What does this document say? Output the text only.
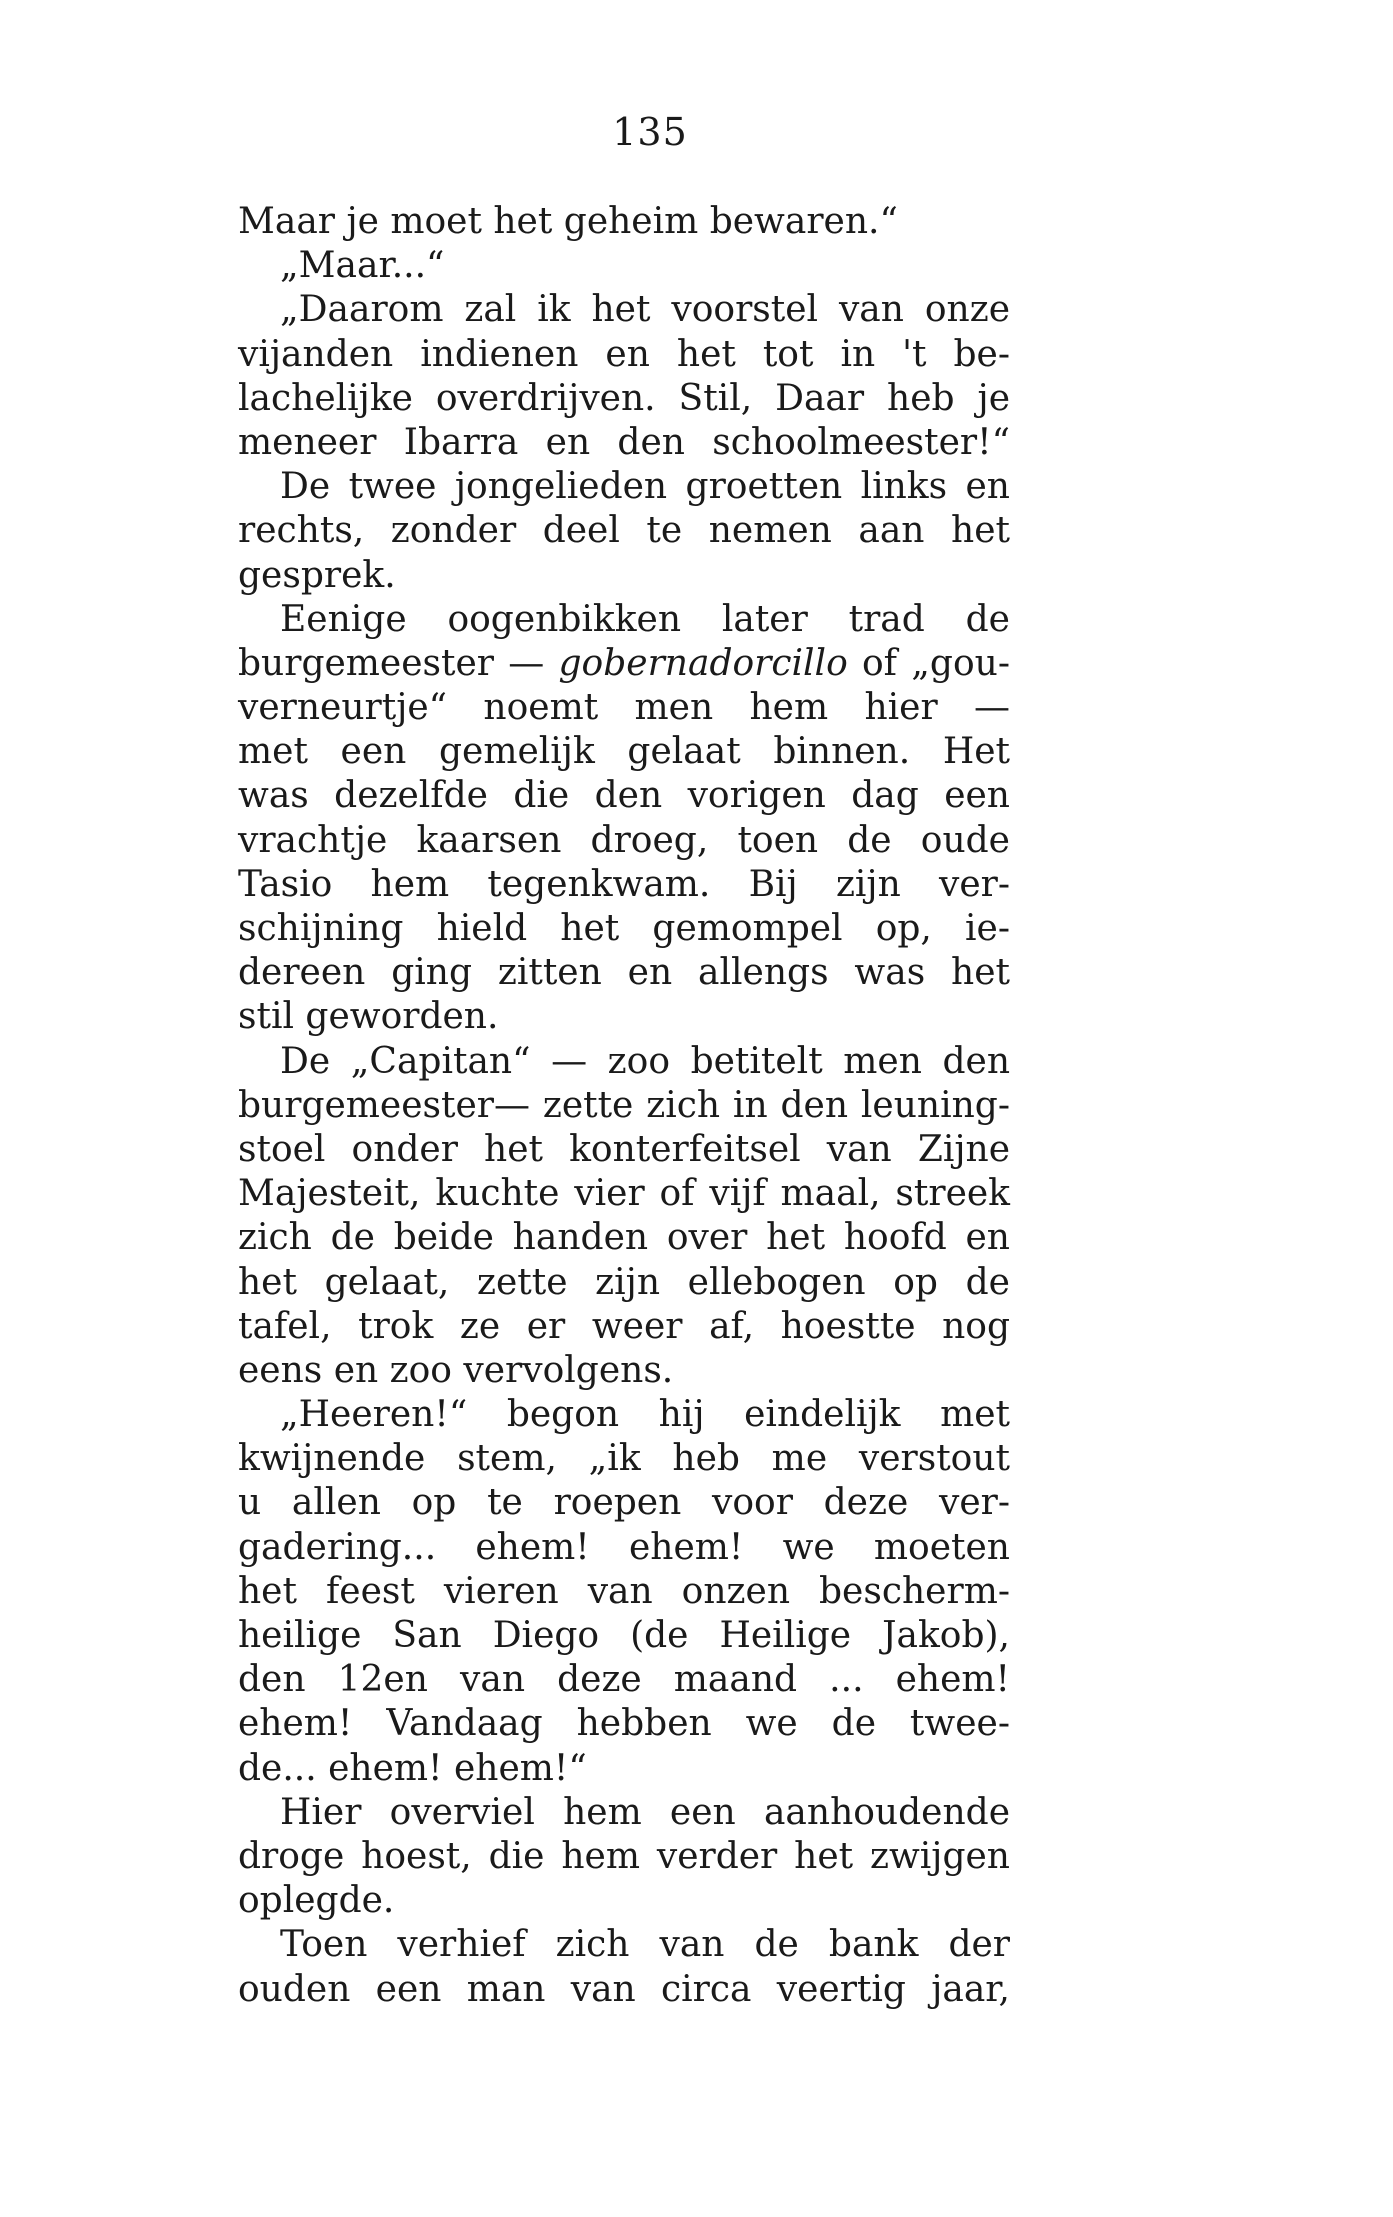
135
Maar je moet het geheim bewaren.“
„Maar...“
„Daarom zal ik het voorstel van onze
vijanden indienen en het tot in 't be-
lachelijke overdrijven. Stil, Daar heb je
meneer Ibarra en den schoolmeester!“
De twee jongelieden groetten links en
rechts, zonder deel te nemen aan het
gesprek.
Eenige oogenbikken later trad de
burgemeester — gobernadorcillo of „gou-
verneurtje“ noemt men hem hier —
met een gemelijk gelaat binnen. Het
was dezelfde die den vorigen dag een
vrachtje kaarsen droeg, toen de oude
Tasio hem tegenkwam. Bij zijn ver-
schijning hield het gemompel op, ie-
dereen ging zitten en allengs was het
stil geworden.
De „Capitan“ — zoo betitelt men den
burgemeester— zette zich in den leuning-
stoel onder het konterfeitsel van Zijne
Majesteit, kuchte vier of vijf maal, streek
zich de beide handen over het hoofd en
het gelaat, zette zijn ellebogen op de
tafel, trok ze er weer af, hoestte nog
eens en zoo vervolgens.
„Heeren!“ begon hij eindelijk met
kwijnende stem, „ik heb me verstout
u allen op te roepen voor deze ver-
gadering... ehem! ehem! we moeten
het feest vieren van onzen bescherm-
heilige San Diego (de Heilige Jakob),
den 12en van deze maand ... ehem!
ehem! Vandaag hebben we de twee-
de... ehem! ehem!“
Hier overviel hem een aanhoudende
droge hoest, die hem verder het zwijgen
oplegde.
Toen verhief zich van de bank der
ouden een man van circa veertig jaar,
